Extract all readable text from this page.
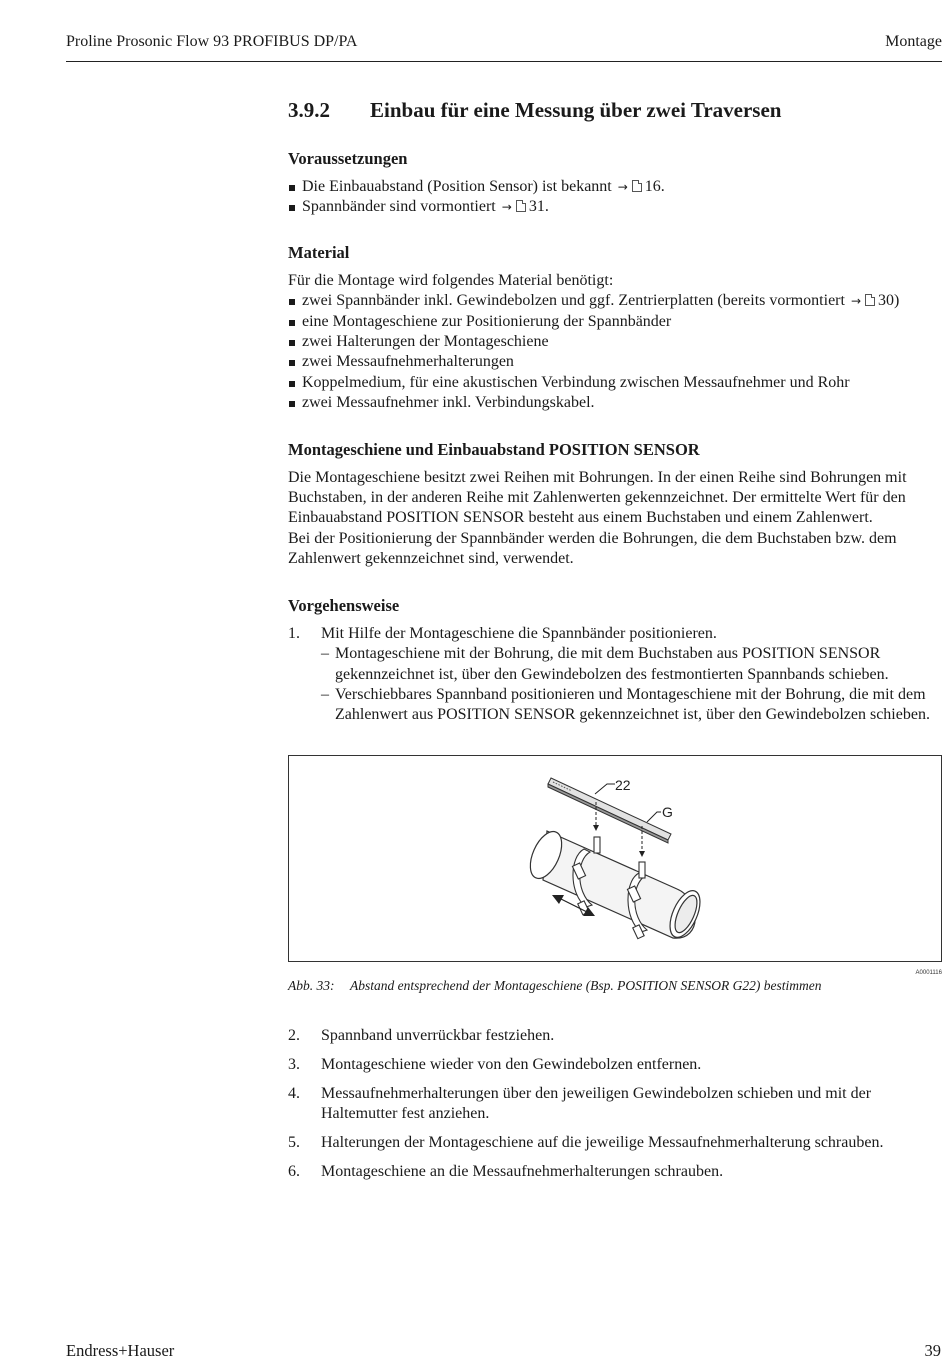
Proline Prosonic Flow 93 PROFIBUS DP/PA	Montage
3.9.2 Einbau für eine Messung über zwei Traversen
Voraussetzungen
Die Einbauabstand (Position Sensor) ist bekannt → 16.
Spannbänder sind vormontiert → 31.
Material

Für die Montage wird folgendes Material benötigt:

zwei Spannbänder inkl. Gewindebolzen und ggf. Zentrierplatten (bereits vormontiert → 30)
eine Montageschiene zur Positionierung der Spannbänder
zwei Halterungen der Montageschiene
zwei Messaufnehmerhalterungen
Koppelmedium, für eine akustischen Verbindung zwischen Messaufnehmer und Rohr
zwei Messaufnehmer inkl. Verbindungskabel.
Montageschiene und Einbauabstand POSITION SENSOR

Die Montageschiene besitzt zwei Reihen mit Bohrungen. In der einen Reihe sind Bohrungen mit Buchstaben, in der anderen Reihe mit Zahlenwerten gekennzeichnet. Der ermittelte Wert für den Einbauabstand POSITION SENSOR besteht aus einem Buchstaben und einem Zahlenwert.

Bei der Positionierung der Spannbänder werden die Bohrungen, die dem Buchstaben bzw. dem Zahlenwert gekennzeichnet sind, verwendet.

Vorgehensweise
1. Mit Hilfe der Montageschiene die Spannbänder positionieren.
– Montageschiene mit der Bohrung, die mit dem Buchstaben aus POSITION SENSOR gekennzeichnet ist, über den Gewindebolzen des festmontierten Spannbands schieben.
– Verschiebbares Spannband positionieren und Montageschiene mit der Bohrung, die mit dem Zahlenwert aus POSITION SENSOR gekennzeichnet ist, über den Gewindebolzen schieben.
22
G
A0001116
Abb. 33: Abstand entsprechend der Montageschiene (Bsp. POSITION SENSOR G22) bestimmen
2. Spannband unverrückbar festziehen.
3. Montageschiene wieder von den Gewindebolzen entfernen.
4. Messaufnehmerhalterungen über den jeweiligen Gewindebolzen schieben und mit der Haltemutter fest anziehen.
5. Halterungen der Montageschiene auf die jeweilige Messaufnehmerhalterung schrauben.
6. Montageschiene an die Messaufnehmerhalterungen schrauben.
Endress+Hauser	39
